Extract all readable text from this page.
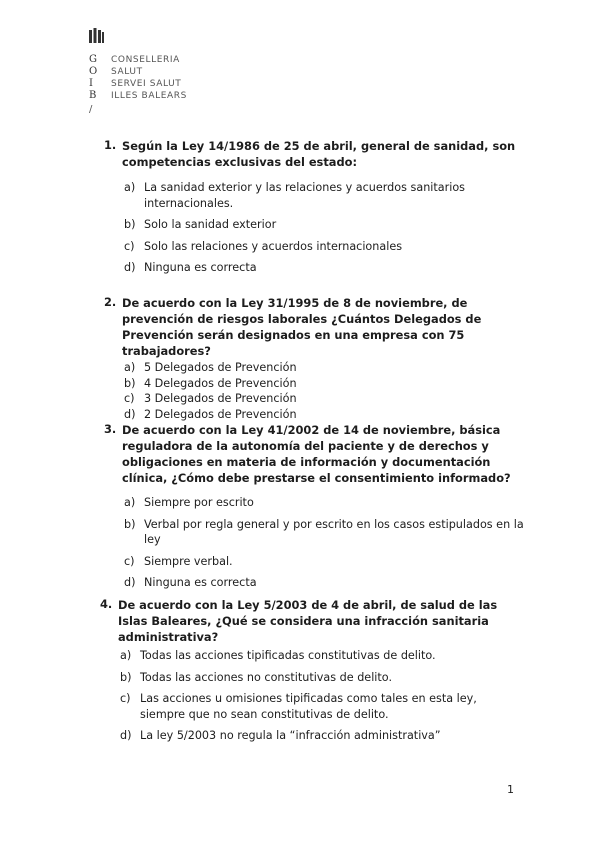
G CONSELLERIA
O SALUT
I SERVEI SALUT
B ILLES BALEARS
/
1. Según la Ley 14/1986 de 25 de abril, general de sanidad, son competencias exclusivas del estado:
a) La sanidad exterior y las relaciones y acuerdos sanitarios internacionales.
b) Solo la sanidad exterior
c) Solo las relaciones y acuerdos internacionales
d) Ninguna es correcta
2. De acuerdo con la Ley 31/1995 de 8 de noviembre, de prevención de riesgos laborales ¿Cuántos Delegados de Prevención serán designados en una empresa con 75 trabajadores?
a) 5 Delegados de Prevención
b) 4 Delegados de Prevención
c) 3 Delegados de Prevención
d) 2 Delegados de Prevención
3. De acuerdo con la Ley 41/2002 de 14 de noviembre, básica reguladora de la autonomía del paciente y de derechos y obligaciones en materia de información y documentación clínica, ¿Cómo debe prestarse el consentimiento informado?
a) Siempre por escrito
b) Verbal por regla general y por escrito en los casos estipulados en la ley
c) Siempre verbal.
d) Ninguna es correcta
4. De acuerdo con la Ley 5/2003 de 4 de abril, de salud de las Islas Baleares, ¿Qué se considera una infracción sanitaria administrativa?
a) Todas las acciones tipificadas constitutivas de delito.
b) Todas las acciones no constitutivas de delito.
c) Las acciones u omisiones tipificadas como tales en esta ley, siempre que no sean constitutivas de delito.
d) La ley 5/2003 no regula la “infracción administrativa”
1
